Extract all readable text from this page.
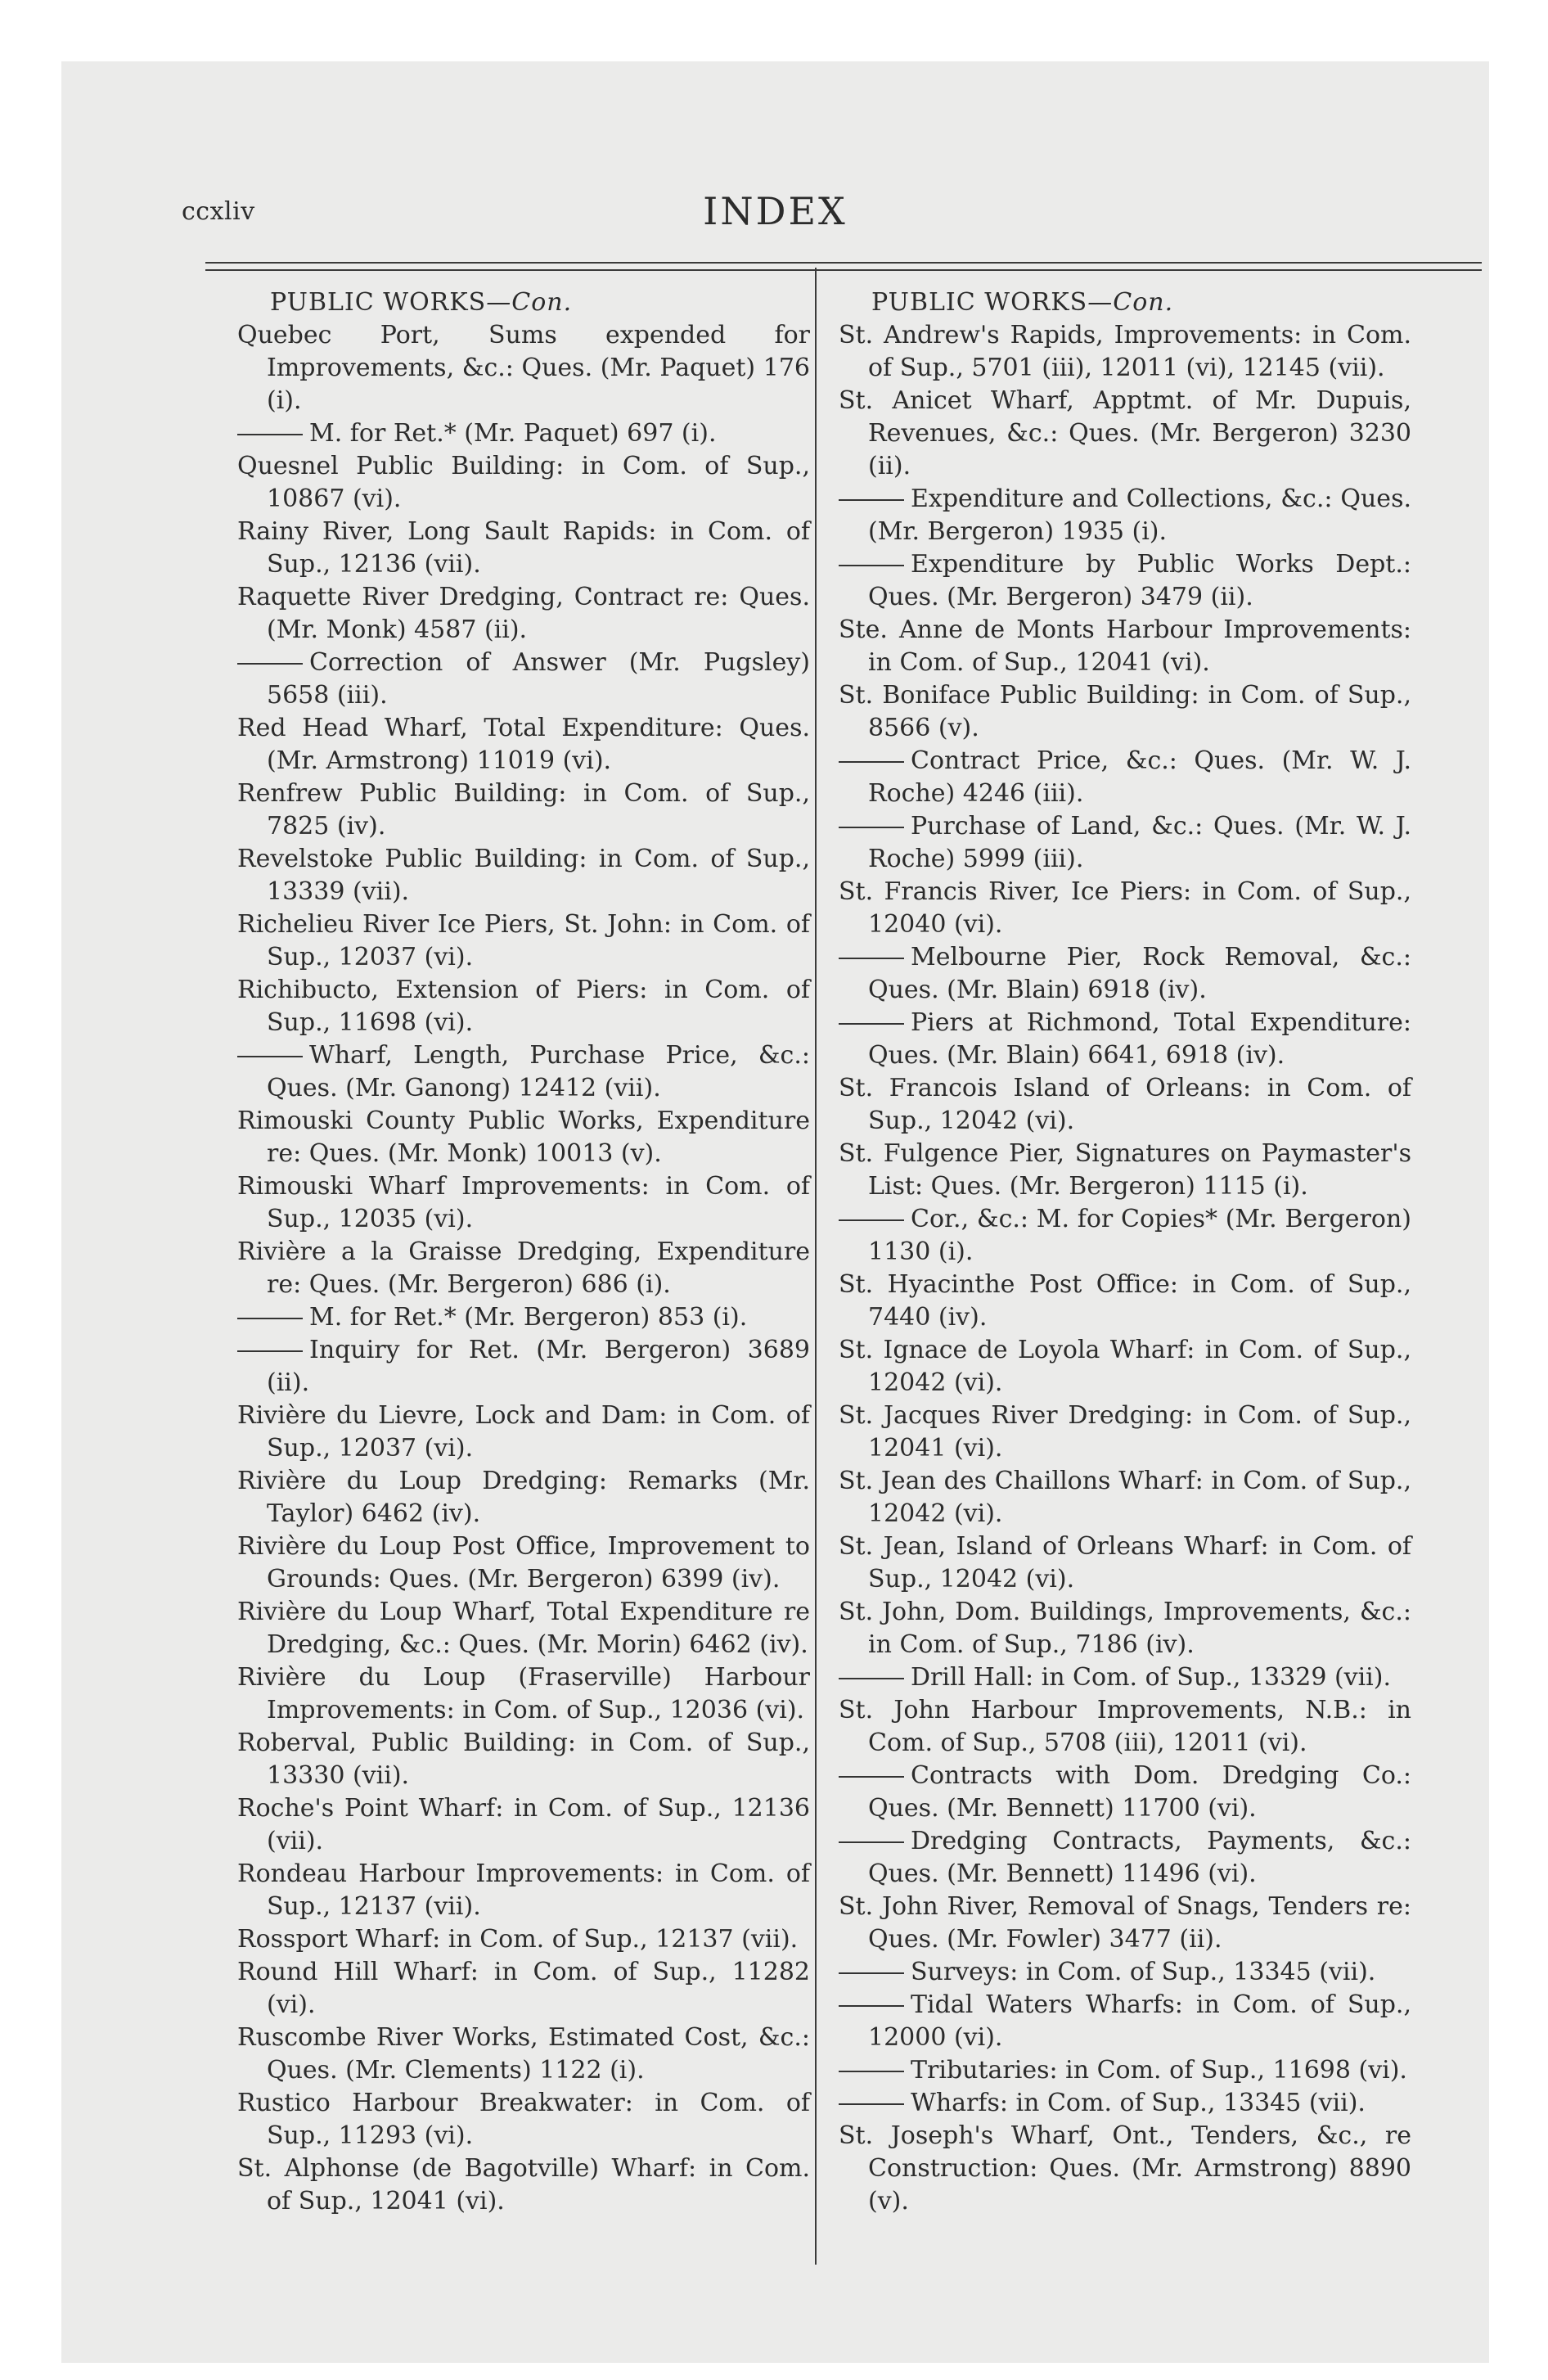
ccxliv	INDEX
PUBLIC WORKS—Con.
Quebec Port, Sums expended for Improvements, &c.: Ques. (Mr. Paquet) 176 (i).
M. for Ret.* (Mr. Paquet) 697 (i).
Quesnel Public Building: in Com. of Sup., 10867 (vi).
Rainy River, Long Sault Rapids: in Com. of Sup., 12136 (vii).
Raquette River Dredging, Contract re: Ques. (Mr. Monk) 4587 (ii).
Correction of Answer (Mr. Pugsley) 5658 (iii).
Red Head Wharf, Total Expenditure: Ques. (Mr. Armstrong) 11019 (vi).
Renfrew Public Building: in Com. of Sup., 7825 (iv).
Revelstoke Public Building: in Com. of Sup., 13339 (vii).
Richelieu River Ice Piers, St. John: in Com. of Sup., 12037 (vi).
Richibucto, Extension of Piers: in Com. of Sup., 11698 (vi).
Wharf, Length, Purchase Price, &c.: Ques. (Mr. Ganong) 12412 (vii).
Rimouski County Public Works, Expenditure re: Ques. (Mr. Monk) 10013 (v).
Rimouski Wharf Improvements: in Com. of Sup., 12035 (vi).
Rivière a la Graisse Dredging, Expenditure re: Ques. (Mr. Bergeron) 686 (i).
M. for Ret.* (Mr. Bergeron) 853 (i).
Inquiry for Ret. (Mr. Bergeron) 3689 (ii).
Rivière du Lievre, Lock and Dam: in Com. of Sup., 12037 (vi).
Rivière du Loup Dredging: Remarks (Mr. Taylor) 6462 (iv).
Rivière du Loup Post Office, Improvement to Grounds: Ques. (Mr. Bergeron) 6399 (iv).
Rivière du Loup Wharf, Total Expenditure re Dredging, &c.: Ques. (Mr. Morin) 6462 (iv).
Rivière du Loup (Fraserville) Harbour Improvements: in Com. of Sup., 12036 (vi).
Roberval, Public Building: in Com. of Sup., 13330 (vii).
Roche's Point Wharf: in Com. of Sup., 12136 (vii).
Rondeau Harbour Improvements: in Com. of Sup., 12137 (vii).
Rossport Wharf: in Com. of Sup., 12137 (vii).
Round Hill Wharf: in Com. of Sup., 11282 (vi).
Ruscombe River Works, Estimated Cost, &c.: Ques. (Mr. Clements) 1122 (i).
Rustico Harbour Breakwater: in Com. of Sup., 11293 (vi).
St. Alphonse (de Bagotville) Wharf: in Com. of Sup., 12041 (vi).
PUBLIC WORKS—Con.
St. Andrew's Rapids, Improvements: in Com. of Sup., 5701 (iii), 12011 (vi), 12145 (vii).
St. Anicet Wharf, Apptmt. of Mr. Dupuis, Revenues, &c.: Ques. (Mr. Bergeron) 3230 (ii).
Expenditure and Collections, &c.: Ques. (Mr. Bergeron) 1935 (i).
Expenditure by Public Works Dept.: Ques. (Mr. Bergeron) 3479 (ii).
Ste. Anne de Monts Harbour Improvements: in Com. of Sup., 12041 (vi).
St. Boniface Public Building: in Com. of Sup., 8566 (v).
Contract Price, &c.: Ques. (Mr. W. J. Roche) 4246 (iii).
Purchase of Land, &c.: Ques. (Mr. W. J. Roche) 5999 (iii).
St. Francis River, Ice Piers: in Com. of Sup., 12040 (vi).
Melbourne Pier, Rock Removal, &c.: Ques. (Mr. Blain) 6918 (iv).
Piers at Richmond, Total Expenditure: Ques. (Mr. Blain) 6641, 6918 (iv).
St. Francois Island of Orleans: in Com. of Sup., 12042 (vi).
St. Fulgence Pier, Signatures on Paymaster's List: Ques. (Mr. Bergeron) 1115 (i).
Cor., &c.: M. for Copies* (Mr. Bergeron) 1130 (i).
St. Hyacinthe Post Office: in Com. of Sup., 7440 (iv).
St. Ignace de Loyola Wharf: in Com. of Sup., 12042 (vi).
St. Jacques River Dredging: in Com. of Sup., 12041 (vi).
St. Jean des Chaillons Wharf: in Com. of Sup., 12042 (vi).
St. Jean, Island of Orleans Wharf: in Com. of Sup., 12042 (vi).
St. John, Dom. Buildings, Improvements, &c.: in Com. of Sup., 7186 (iv).
Drill Hall: in Com. of Sup., 13329 (vii).
St. John Harbour Improvements, N.B.: in Com. of Sup., 5708 (iii), 12011 (vi).
Contracts with Dom. Dredging Co.: Ques. (Mr. Bennett) 11700 (vi).
Dredging Contracts, Payments, &c.: Ques. (Mr. Bennett) 11496 (vi).
St. John River, Removal of Snags, Tenders re: Ques. (Mr. Fowler) 3477 (ii).
Surveys: in Com. of Sup., 13345 (vii).
Tidal Waters Wharfs: in Com. of Sup., 12000 (vi).
Tributaries: in Com. of Sup., 11698 (vi).
Wharfs: in Com. of Sup., 13345 (vii).
St. Joseph's Wharf, Ont., Tenders, &c., re Construction: Ques. (Mr. Armstrong) 8890 (v).
